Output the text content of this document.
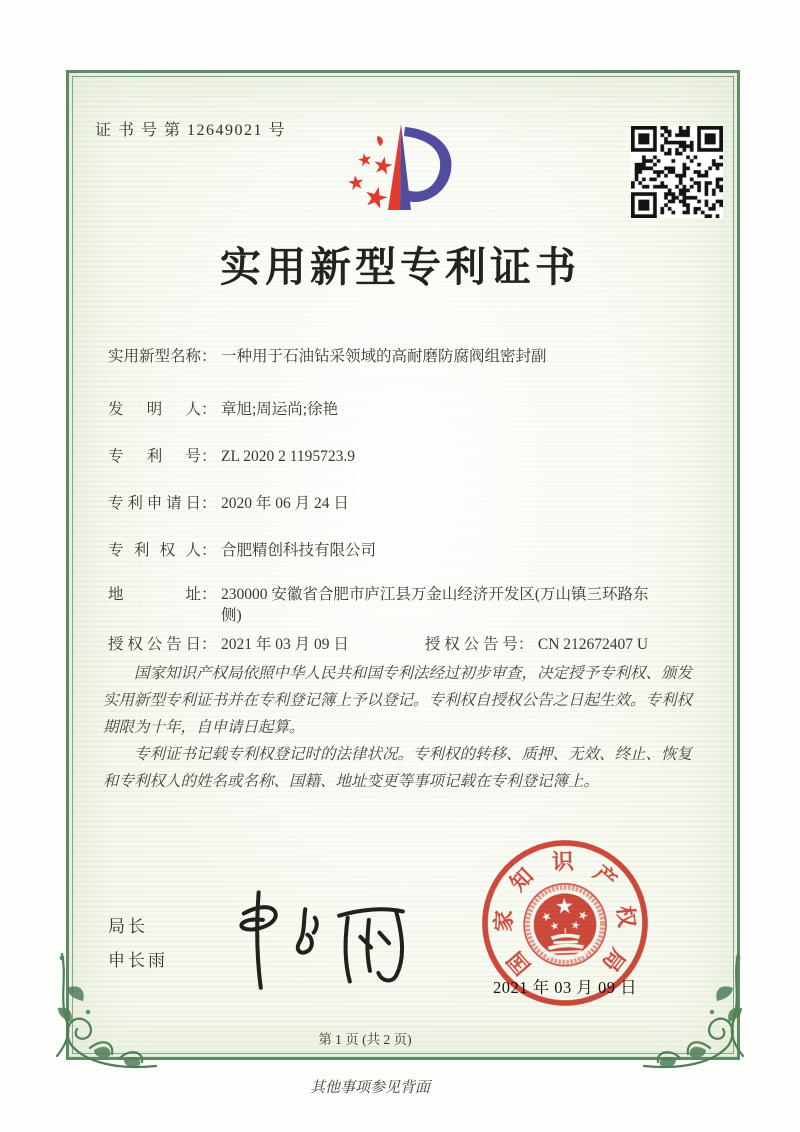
证 书 号 第 12649021 号
实用新型专利证书
实用新型名称 ： 一种用于石油钻采领域的高耐磨防腐阀组密封副
发明人 ： 章旭;周运尚;徐艳
专利号 ： ZL 2020 2 1195723.9
专利申请日 ： 2020 年 06 月 24 日
专利权人 ： 合肥精创科技有限公司
地址 ： 230000 安徽省合肥市庐江县万金山经济开发区(万山镇三环路东侧)
授权公告日 ： 2021 年 03 月 09 日	授权公告号 ： CN 212672407 U

国家知识产权局依照中华人民共和国专利法经过初步审查，决定授予专利权、颁发实用新型专利证书并在专利登记簿上予以登记。专利权自授权公告之日起生效。专利权期限为十年，自申请日起算。

专利证书记载专利权登记时的法律状况。专利权的转移、质押、无效、终止、恢复和专利权人的姓名或名称、国籍、地址变更等事项记载在专利登记簿上。

局长
申长雨
2021 年 03 月 09 日
国
家
知
识 产
权
局
第 1 页 (共 2 页)
其他事项参见背面
